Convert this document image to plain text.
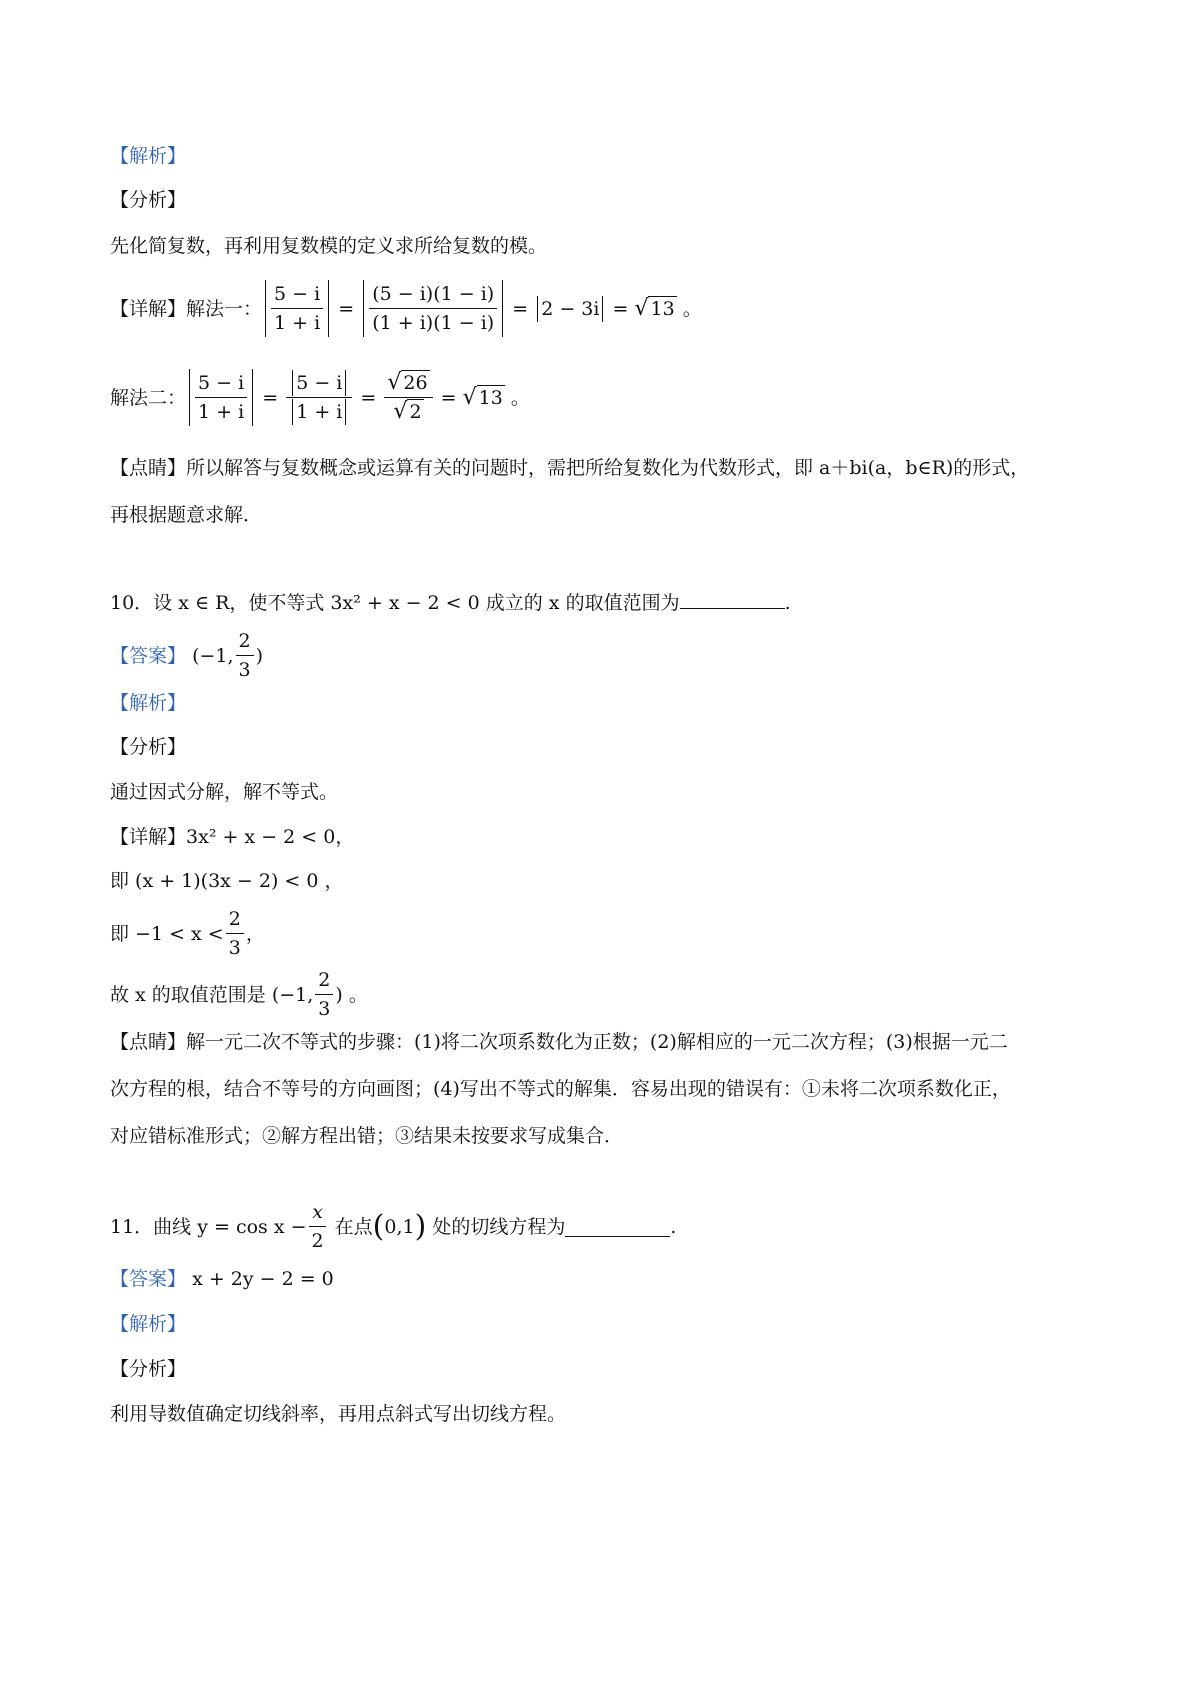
【解析】
【分析】
先化简复数，再利用复数模的定义求所给复数的模。
【详解】 解法一： $\frac{5 - i}{1 + i} = \frac{(5 - i)(1 - i)}{(1 + i)(1 - i)} = 2 - 3i$ = √ 13 。
解法二： $\frac{5 - i}{1 + i} = \frac{5 - i}{1 + i} = \frac{√ 26}{√ 2}$ = √ 13 。
【点睛】所以解答与复数概念或运算有关的问题时，需把所给复数化为代数形式，即 a＋bi(a，b∈R)的形式，
再根据题意求解．
10．设 x ∈ R，使不等式 3x² + x − 2 < 0 成立的 x 的取值范围为	.
【答案】
(−1, $\frac{2}{3}$ )
【解析】
【分析】
通过因式分解，解不等式。
【详解】3x² + x − 2 < 0，
即 (x + 1)(3x − 2) < 0 ，
即 $-1 < x < \frac{2}{3}$ ，
故 x 的取值范围是 (−1, $\frac{2}{3}$ ) 。
【点睛】解一元二次不等式的步骤：(1)将二次项系数化为正数；(2)解相应的一元二次方程；(3)根据一元二
次方程的根，结合不等号的方向画图；(4)写出不等式的解集．容易出现的错误有：①未将二次项系数化正，
对应错标准形式；②解方程出错；③结果未按要求写成集合．
11．曲线 $y = \cos x - \frac{x}{2}$
在点 ( 0,1 )
处的切线方程为	.
【答案】 x + 2y − 2 = 0
【解析】
【分析】
利用导数值确定切线斜率，再用点斜式写出切线方程。
